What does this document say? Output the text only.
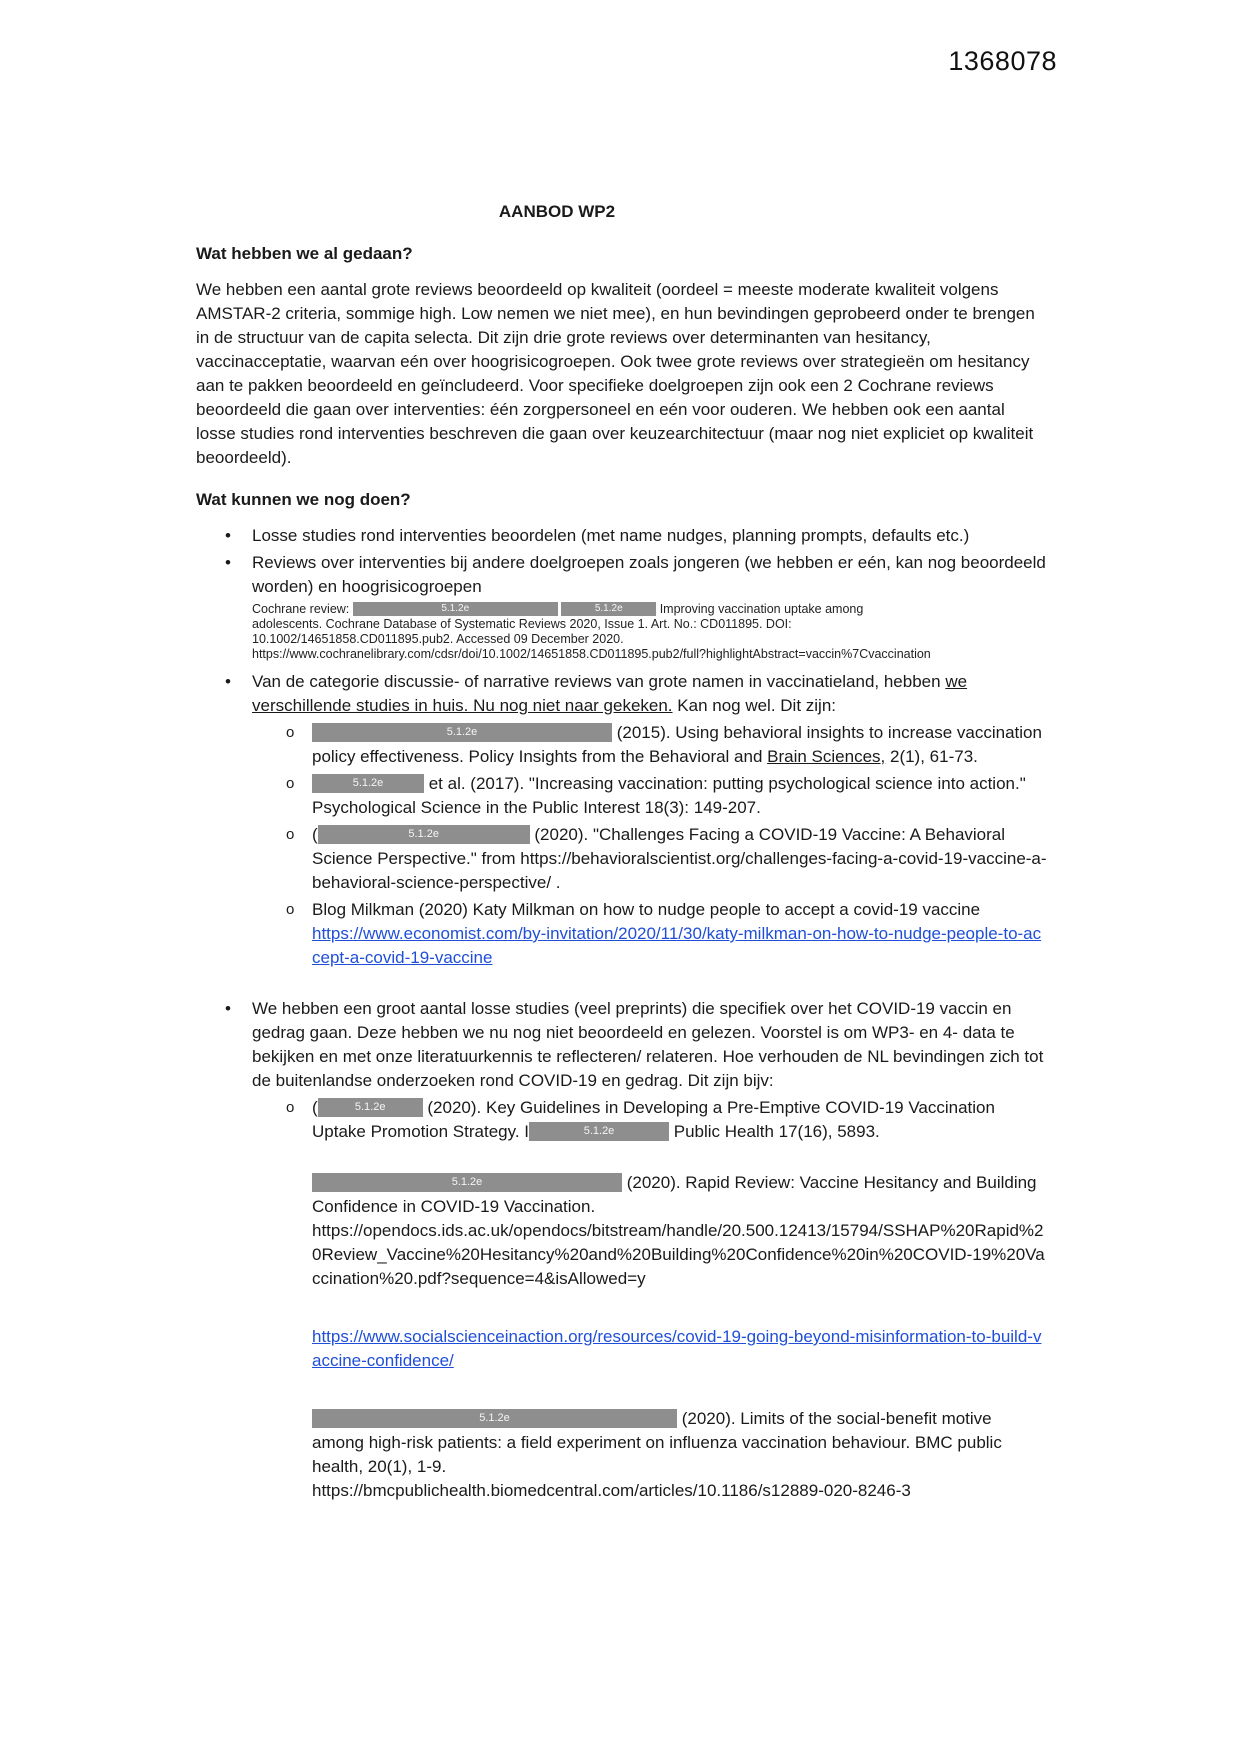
1368078
AANBOD WP2
Wat hebben we al gedaan?
We hebben een aantal grote reviews beoordeeld op kwaliteit (oordeel = meeste moderate kwaliteit volgens AMSTAR-2 criteria, sommige high. Low nemen we niet mee), en hun bevindingen geprobeerd onder te brengen in de structuur van de capita selecta. Dit zijn drie grote reviews over determinanten van hesitancy, vaccinacceptatie, waarvan eén over hoogrisicogroepen. Ook twee grote reviews over strategieën om hesitancy aan te pakken beoordeeld en geïncludeerd. Voor specifieke doelgroepen zijn ook een 2 Cochrane reviews beoordeeld die gaan over interventies: één zorgpersoneel en eén voor ouderen. We hebben ook een aantal losse studies rond interventies beschreven die gaan over keuzearchitectuur (maar nog niet expliciet op kwaliteit beoordeeld).
Wat kunnen we nog doen?
•	Losse studies rond interventies beoordelen (met name nudges, planning prompts, defaults etc.)
•	Reviews over interventies bij andere doelgroepen zoals jongeren (we hebben er eén, kan nog beoordeeld worden) en hoogrisicogroepen
Cochrane review:	5.1.2e	5.1.2e	Improving vaccination uptake among
adolescents. Cochrane Database of Systematic Reviews 2020, Issue 1. Art. No.: CD011895. DOI:
10.1002/14651858.CD011895.pub2. Accessed 09 December 2020.
https://www.cochranelibrary.com/cdsr/doi/10.1002/14651858.CD011895.pub2/full?highlightAbstract=vaccin%7Cvaccination
•	Van de categorie discussie- of narrative reviews van grote namen in vaccinatieland, hebben we verschillende studies in huis. Nu nog niet naar gekeken. Kan nog wel. Dit zijn:
o	5.1.2e	(2015). Using behavioral insights to increase vaccination policy effectiveness. Policy Insights from the Behavioral and Brain Sciences, 2(1), 61-73.
o	5.1.2e et al. (2017). "Increasing vaccination: putting psychological science into action." Psychological Science in the Public Interest 18(3): 149-207.
o	(	5.1.2e	(2020). "Challenges Facing a COVID-19 Vaccine: A Behavioral Science Perspective." from https://behavioralscientist.org/challenges-facing-a-covid-19-vaccine-a-behavioral-science-perspective/ .
o	Blog Milkman (2020) Katy Milkman on how to nudge people to accept a covid-19 vaccine
https://www.economist.com/by-invitation/2020/11/30/katy-milkman-on-how-to-nudge-people-to-accept-a-covid-19-vaccine
•	We hebben een groot aantal losse studies (veel preprints) die specifiek over het COVID-19 vaccin en gedrag gaan. Deze hebben we nu nog niet beoordeeld en gelezen. Voorstel is om WP3- en 4- data te bekijken en met onze literatuurkennis te reflecteren/ relateren. Hoe verhouden de NL bevindingen zich tot de buitenlandse onderzoeken rond COVID-19 en gedrag. Dit zijn bijv:
o	(	5.1.2e (2020). Key Guidelines in Developing a Pre-Emptive COVID-19 Vaccination Uptake Promotion Strategy. I	5.1.2e	Public Health 17(16), 5893.
5.1.2e	(2020). Rapid Review: Vaccine Hesitancy and Building Confidence in COVID-19 Vaccination.
https://opendocs.ids.ac.uk/opendocs/bitstream/handle/20.500.12413/15794/SSHAP%20Rapid%20Review_Vaccine%20Hesitancy%20and%20Building%20Confidence%20in%20COVID-19%20Vaccination%20.pdf?sequence=4&isAllowed=y
https://www.socialscienceinaction.org/resources/covid-19-going-beyond-misinformation-to-build-vaccine-confidence/
5.1.2e	(2020). Limits of the social-benefit motive among high-risk patients: a field experiment on influenza vaccination behaviour. BMC public health, 20(1), 1-9.
https://bmcpublichealth.biomedcentral.com/articles/10.1186/s12889-020-8246-3
